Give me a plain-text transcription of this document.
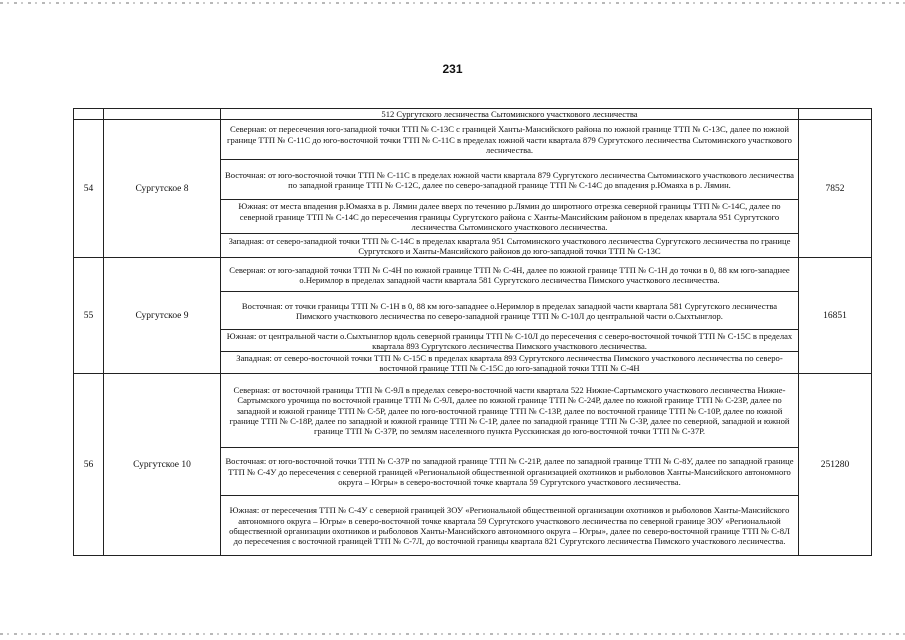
231
		512 Сургутского лесничества Сытоминского участкового лесничества	
54	Сургутское 8	Северная: от пересечения юго-западной точки ТТП № С-13С с границей Ханты-Мансийского района по южной границе ТТП № С-13С, далее по южной границе ТТП № С-11С до юго-восточной точки ТТП № С-11С в пределах южной части квартала 879 Сургутского лесничества Сытоминского участкового лесничества.	7852
		Восточная: от юго-восточной точки ТТП № С-11С в пределах южной части квартала 879 Сургутского лесничества Сытоминского участкового лесничества по западной границе ТТП № С-12С, далее по северо-западной границе ТТП № С-14С до впадения р.Юмаяха в р. Лямин.	
		Южная: от места впадения р.Юмаяха в р. Лямин далее вверх по течению р.Лямин до широтного отрезка северной границы ТТП № С-14С, далее по северной границе ТТП № С-14С до пересечения границы Сургутского района с Ханты-Мансийским районом в пределах квартала 951 Сургутского лесничества Сытоминского участкового лесничества.	
		Западная: от северо-западной точки ТТП № С-14С в пределах квартала 951 Сытоминского участкового лесничества Сургутского лесничества по границе Сургутского и Ханты-Мансийского районов до юго-западной точки ТТП № С-13С	
55	Сургутское 9	Северная: от юго-западной точки ТТП № С-4Н по южной границе ТТП № С-4Н, далее по южной границе ТТП № С-1Н до точки в 0, 88 км юго-западнее о.Неримлор в пределах западной части квартала 581 Сургутского лесничества Пимского участкового лесничества.	16851
		Восточная: от точки границы ТТП № С-1Н в 0, 88 км юго-западнее о.Неримлор в пределах западной части квартала 581 Сургутского лесничества Пимского участкового лесничества по северо-западной границе ТТП № С-10Л до центральной части о.Сыхтынглор.	
		Южная: от центральной части о.Сыхтынглор вдоль северной границы ТТП № С-10Л до пересечения с северо-восточной точкой ТТП № С-15С в пределах квартала 893 Сургутского лесничества Пимского участкового лесничества.	
		Западная: от северо-восточной точки ТТП № С-15С в пределах квартала 893 Сургутского лесничества Пимского участкового лесничества по северо-восточной границе ТТП № С-15С до юго-западной точки ТТП № С-4Н	
56	Сургутское 10	Северная: от восточной границы ТТП № С-9Л в пределах северо-восточной части квартала 522 Нижне-Сартымского участкового лесничества Нижне-Сартымского урочища по восточной границе ТТП № С-9Л, далее по южной границе ТТП № С-24Р, далее по южной границе ТТП № С-23Р, далее по западной и южной границе ТТП № С-5Р, далее по юго-восточной границе ТТП № С-13Р, далее по восточной границе ТТП № С-10Р, далее по южной границе ТТП № С-18Р, далее по западной и южной границе ТТП № С-1Р, далее по западной границе ТТП № С-3Р, далее по северной, западной и южной границе ТТП № С-37Р, по землям населенного пункта Русскинская до юго-восточной точки ТТП № С-37Р.	251280
		Восточная: от юго-восточной точки ТТП № С-37Р по западной границе ТТП № С-21Р, далее по западной границе ТТП № С-8У, далее по западной границе ТТП № С-4У до пересечения с северной границей «Региональной общественной организацией охотников и рыболовов Ханты-Мансийского автономного округа – Югры» в северо-восточной точке квартала 59 Сургутского участкового лесничества.	
		Южная: от пересечения ТТП № С-4У с северной границей ЗОУ «Региональной общественной организации охотников и рыболовов Ханты-Мансийского автономного округа – Югры» в северо-восточной точке квартала 59 Сургутского участкового лесничества по северной границе ЗОУ «Региональной общественной организации охотников и рыболовов Ханты-Мансийского автономного округа – Югры», далее по северо-восточной границе ТТП № С-8Л до пересечения с восточной границей ТТП № С-7Л, до восточной границы квартала 821 Сургутского лесничества Пимского участкового лесничества.	
